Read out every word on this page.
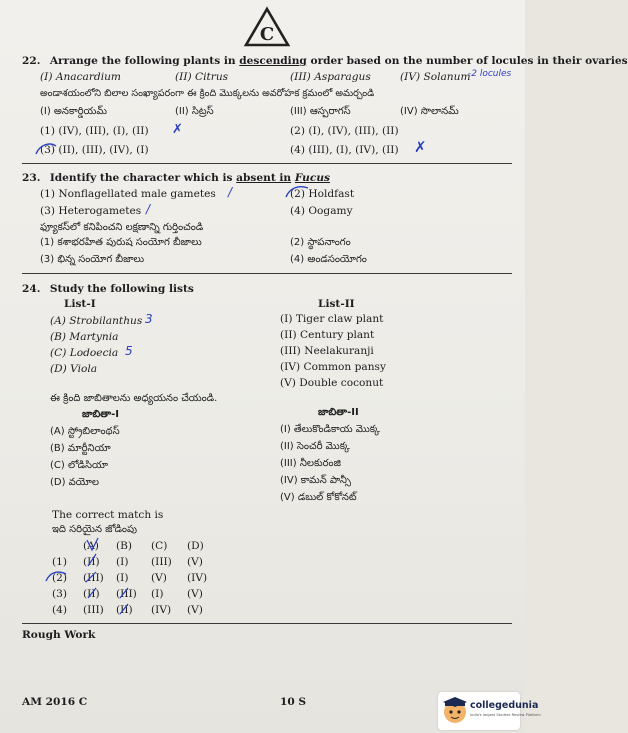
C
22. Arrange the following plants in descending order based on the number of locules in their ovaries
(I) Anacardium	(II) Citrus	(III) Asparagus	(IV) Solanum
-2 locules
అండాశయంలోని బిలాల సంఖ్యాపరంగా ఈ క్రింది మొక్కలను అవరోహక క్రమంలో అమర్చండి
(I) అనకార్డియమ్	(II) సిట్రస్	(III) ఆస్పరాగస్	(IV) సొలానమ్
(1) (IV), (III), (I), (II) ✗	(2) (I), (IV), (III), (II)
(3) (II), (III), (IV), (I)	(4) (III), (I), (IV), (II) ✗
23. Identify the character which is absent in Fucus
(1) Nonflagellated male gametes /	(2) Holdfast
(3) Heterogametes /	(4) Oogamy
ఫ్యూకస్‌లో కనిపించని లక్షణాన్ని గుర్తించండి
(1) కశాభరహిత పురుష సంయోగ బీజాలు	(2) స్థాపనాంగం
(3) భిన్న సంయోగ బీజాలు	(4) అండసంయోగం
24. Study the following lists
List-I	List-II
(A) Strobilanthus 3
(B) Martynia
(C) Lodoecia 5
(D) Viola
(I) Tiger claw plant
(II) Century plant
(III) Neelakuranji
(IV) Common pansy
(V) Double coconut
ఈ క్రింది జాబితాలను అధ్యయనం చేయండి.
జాబితా-I	జాబితా-II
(A) స్ట్రోబిలాంథస్
(B) మార్టీనియా
(C) లోడిసియా
(D) వయోల
(I) తేలుకొండికాయ మొక్క
(II) సెంచరీ మొక్క
(III) నీలకురంజి
(IV) కామన్ పాన్సీ
(V) డబుల్ కోకోనట్
The correct match is
ఇది సరియైన జోడింపు
(A) (B) (C) (D)
(1) (II) (I) (III) (V)
(2) (III) (I) (V) (IV)
(3) (II) (III) (I) (V)
(4) (III) (II) (IV) (V)
Rough Work
AM 2016 C	10 S	collegedunia
India's largest Student Review Platform
